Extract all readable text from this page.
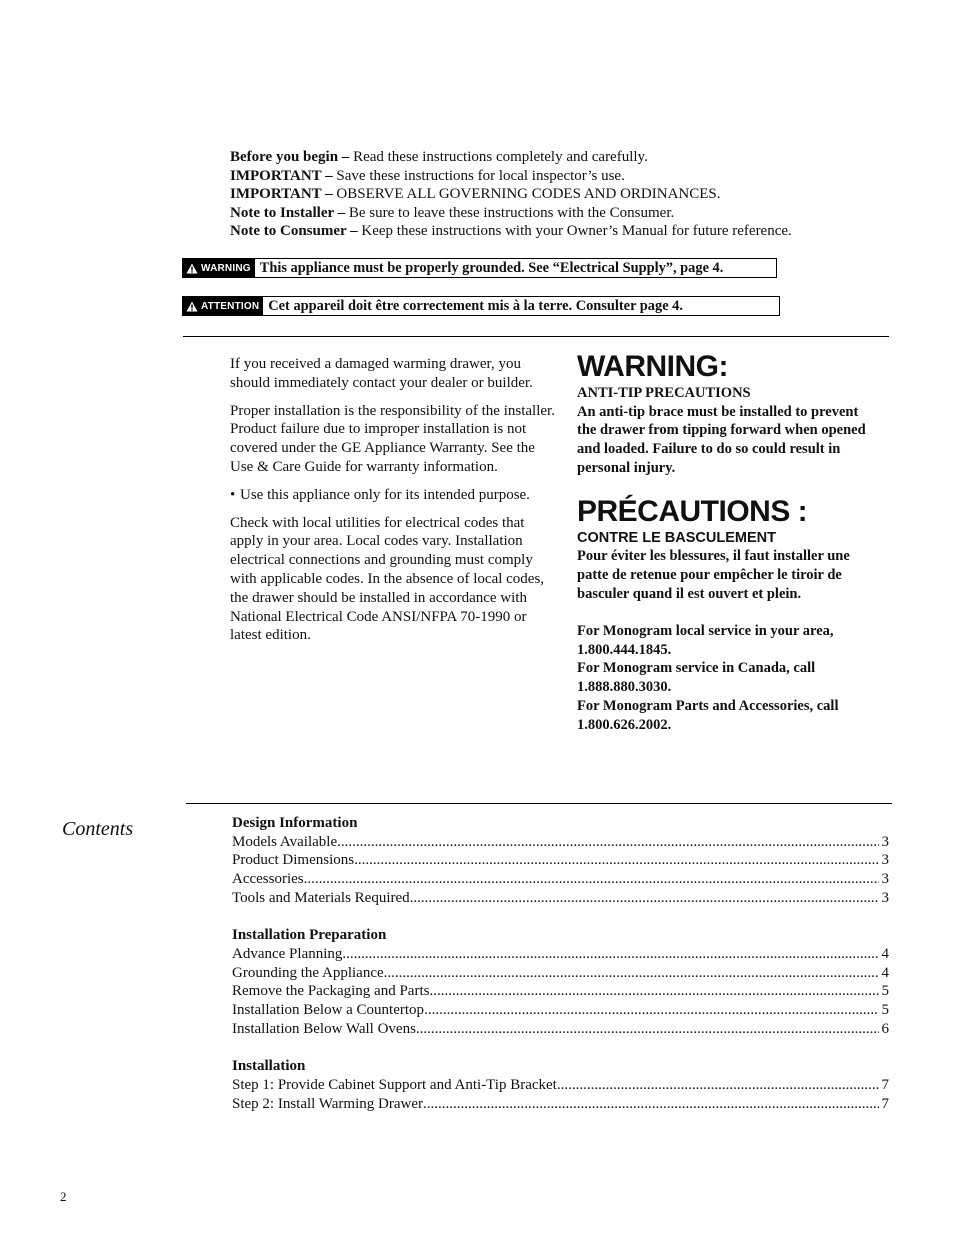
Before you begin – Read these instructions completely and carefully.
IMPORTANT – Save these instructions for local inspector’s use.
IMPORTANT – OBSERVE ALL GOVERNING CODES AND ORDINANCES.
Note to Installer – Be sure to leave these instructions with the Consumer.
Note to Consumer – Keep these instructions with your Owner’s Manual for future reference.
WARNING This appliance must be properly grounded. See “Electrical Supply”, page 4.
ATTENTION Cet appareil doit être correctement mis à la terre. Consulter page 4.

If you received a damaged warming drawer, you should immediately contact your dealer or builder.

Proper installation is the responsibility of the installer. Product failure due to improper installation is not covered under the GE Appliance Warranty. See the Use & Care Guide for warranty information.

• Use this appliance only for its intended purpose.

Check with local utilities for electrical codes that apply in your area. Local codes vary. Installation electrical connections and grounding must comply with applicable codes. In the absence of local codes, the drawer should be installed in accordance with National Electrical Code ANSI/NFPA 70-1990 or latest edition.

WARNING:
ANTI-TIP PRECAUTIONS
An anti-tip brace must be installed to prevent the drawer from tipping forward when opened and loaded. Failure to do so could result in personal injury.
PRÉCAUTIONS :
CONTRE LE BASCULEMENT
Pour éviter les blessures, il faut installer une patte de retenue pour empêcher le tiroir de basculer quand il est ouvert et plein.
For Monogram local service in your area, 1.800.444.1845.
For Monogram service in Canada, call 1.888.880.3030.
For Monogram Parts and Accessories, call 1.800.626.2002.
Contents	Design Information
Models Available .....	3
Product Dimensions .....	3
Accessories .....	3
Tools and Materials Required .....	3
Installation Preparation
Advance Planning .....	4
Grounding the Appliance .....	4
Remove the Packaging and Parts .....	5
Installation Below a Countertop .....	5
Installation Below Wall Ovens .....	6
Installation
Step 1: Provide Cabinet Support and Anti-Tip Bracket .....	7
Step 2: Install Warming Drawer .....	7
2
